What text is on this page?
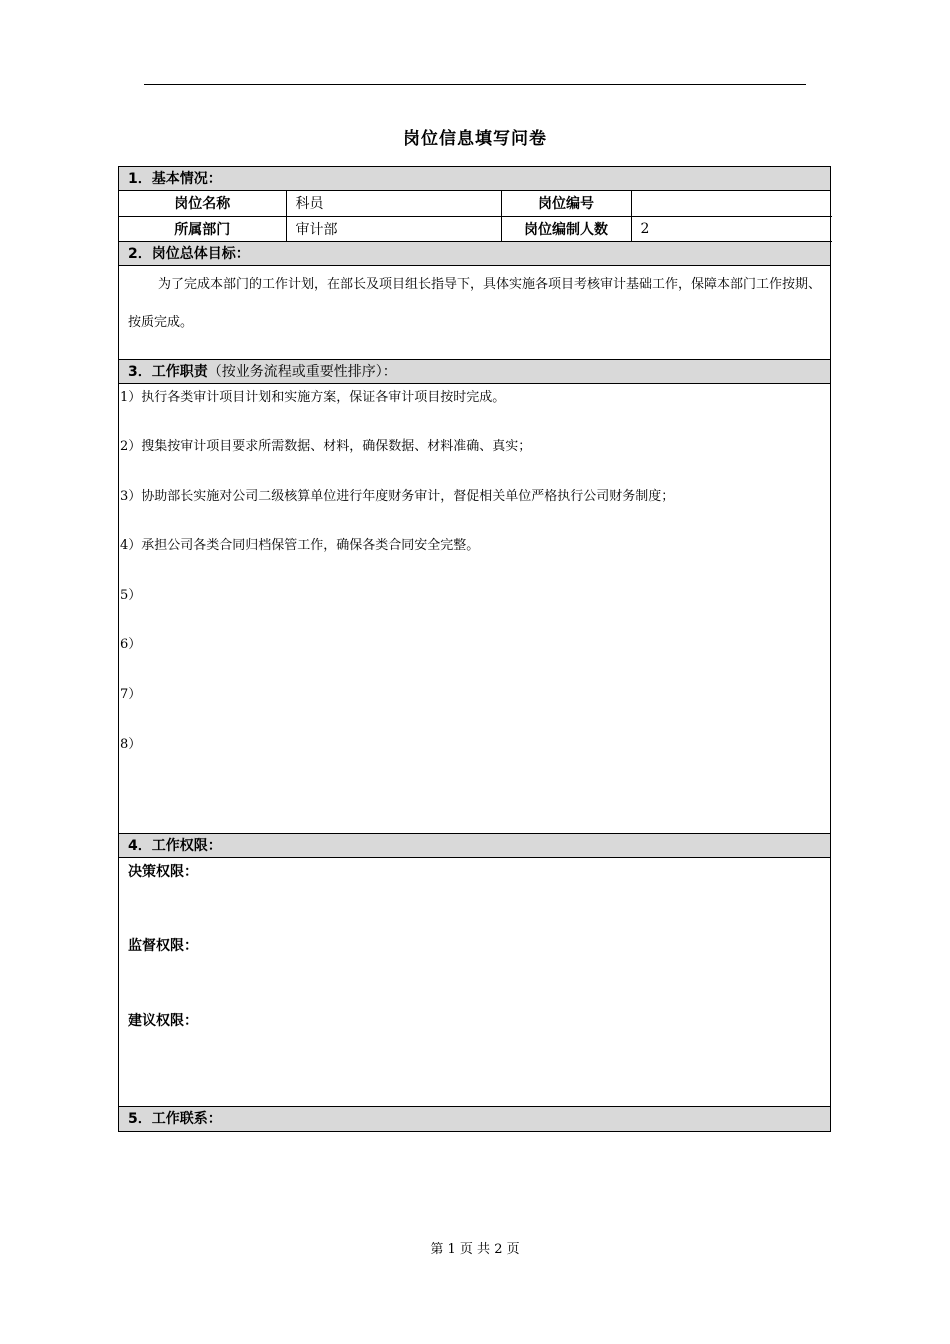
岗位信息填写问卷
1．基本情况：
岗位名称	科员	岗位编号	
所属部门	审计部	岗位编制人数	2
2．岗位总体目标：

为了完成本部门的工作计划，在部长及项目组长指导下，具体实施各项目考核审计基础工作，保障本部门工作按期、按质完成。

3．工作职责（按业务流程或重要性排序）：
1）执行各类审计项目计划和实施方案，保证各审计项目按时完成。
2）搜集按审计项目要求所需数据、材料，确保数据、材料准确、真实；
3）协助部长实施对公司二级核算单位进行年度财务审计，督促相关单位严格执行公司财务制度；
4）承担公司各类合同归档保管工作，确保各类合同安全完整。
5）
6）
7）
8）
4．工作权限：
决策权限：
监督权限：
建议权限：
5．工作联系：
第 1 页 共 2 页
